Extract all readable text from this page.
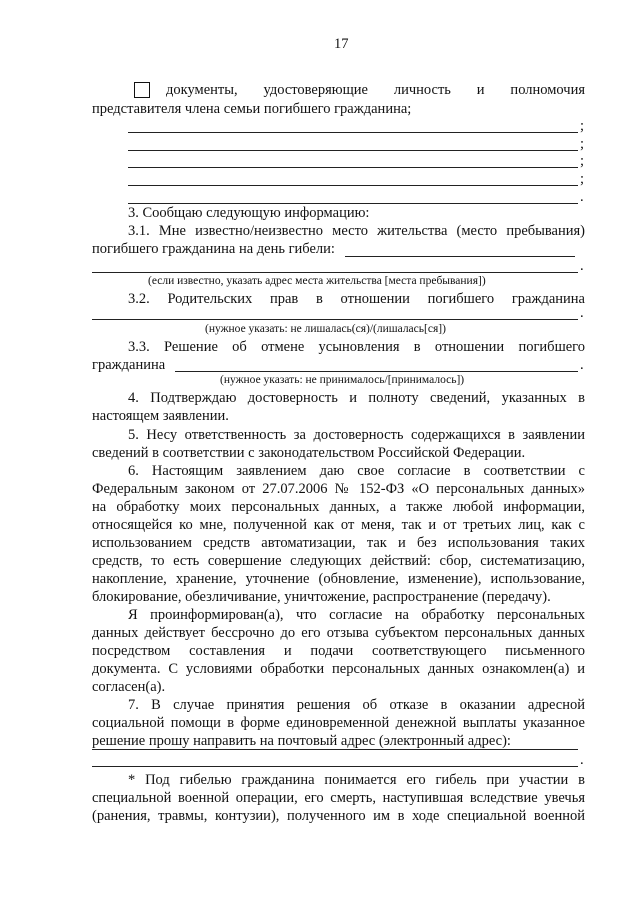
17
документы, удостоверяющие личность и полномочия
представителя члена семьи погибшего гражданина;
;
;
;
;
.
3. Сообщаю следующую информацию:
3.1. Мне известно/неизвестно место жительства (место пребывания)
погибшего гражданина на день гибели:
.
(если известно, указать адрес места жительства [места пребывания])
3.2. Родительских прав в отношении погибшего гражданина
.
(нужное указать: не лишалась(ся)/(лишалась[ся])
3.3. Решение об отмене усыновления в отношении погибшего
гражданина	.
(нужное указать: не принималось/[принималось])
4. Подтверждаю достоверность и полноту сведений, указанных в
настоящем заявлении.
5. Несу ответственность за достоверность содержащихся в заявлении
сведений в соответствии с законодательством Российской Федерации.
6. Настоящим заявлением даю свое согласие в соответствии с
Федеральным законом от 27.07.2006 № 152-ФЗ «О персональных данных»
на обработку моих персональных данных, а также любой информации,
относящейся ко мне, полученной как от меня, так и от третьих лиц, как с
использованием средств автоматизации, так и без использования таких
средств, то есть совершение следующих действий: сбор, систематизацию,
накопление, хранение, уточнение (обновление, изменение), использование,
блокирование, обезличивание, уничтожение, распространение (передачу).
Я проинформирован(а), что согласие на обработку персональных
данных действует бессрочно до его отзыва субъектом персональных данных
посредством составления и подачи соответствующего письменного
документа. С условиями обработки персональных данных ознакомлен(а) и
согласен(а).
7. В случае принятия решения об отказе в оказании адресной
социальной помощи в форме единовременной денежной выплаты указанное
решение прошу направить на почтовый адрес (электронный адрес):
.
* Под гибелью гражданина понимается его гибель при участии в
специальной военной операции, его смерть, наступившая вследствие увечья
(ранения, травмы, контузии), полученного им в ходе специальной военной
